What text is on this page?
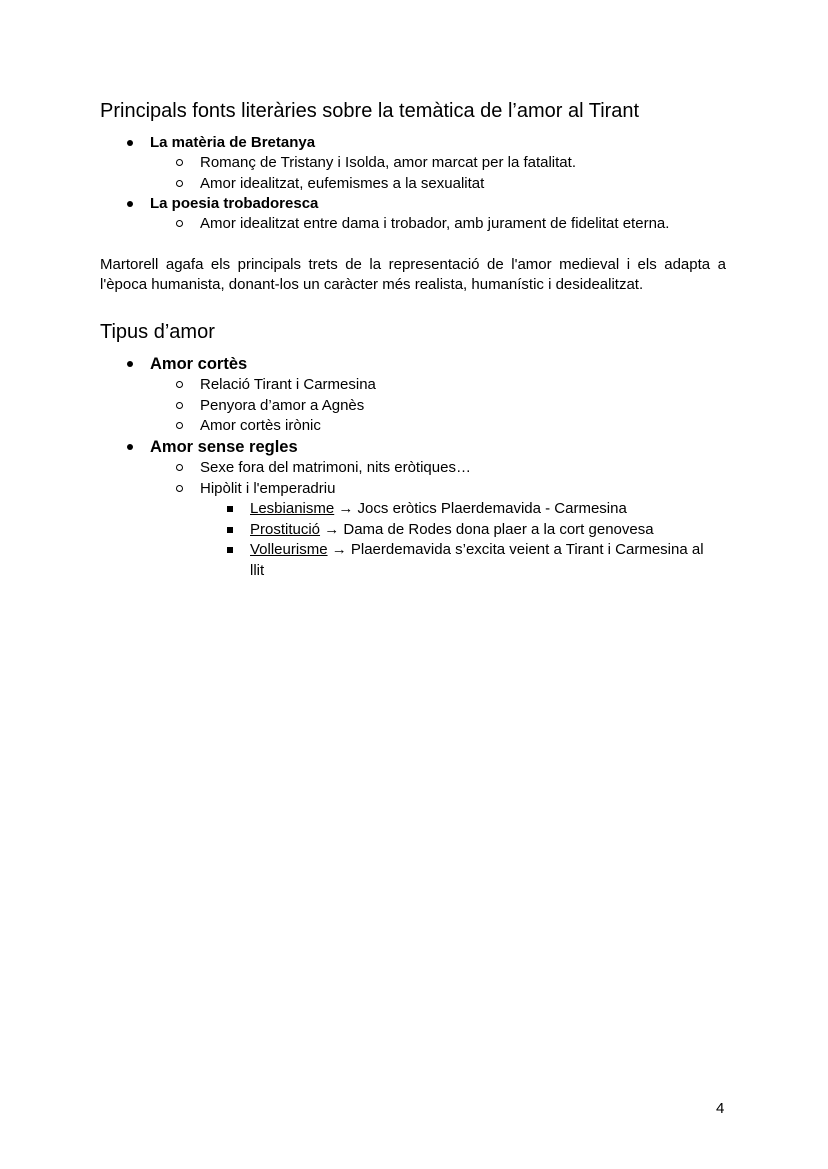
Principals fonts literàries sobre la temàtica de l’amor al Tirant
La matèria de Bretanya
Romanç de Tristany i Isolda, amor marcat per la fatalitat.
Amor idealitzat, eufemismes a la sexualitat
La poesia trobadoresca
Amor idealitzat entre dama i trobador, amb jurament de fidelitat eterna.

Martorell agafa els principals trets de la representació de l'amor medieval i els adapta a l'època humanista, donant-los un caràcter més realista, humanístic i desidealitzat.

Tipus d’amor
Amor cortès
Relació Tirant i Carmesina
Penyora d’amor a Agnès
Amor cortès irònic
Amor sense regles
Sexe fora del matrimoni, nits eròtiques…
Hipòlit i l'emperadriu
Lesbianisme → Jocs eròtics Plaerdemavida - Carmesina
Prostitució → Dama de Rodes dona plaer a la cort genovesa
Volleurisme → Plaerdemavida s’excita veient a Tirant i Carmesina al
llit
4
